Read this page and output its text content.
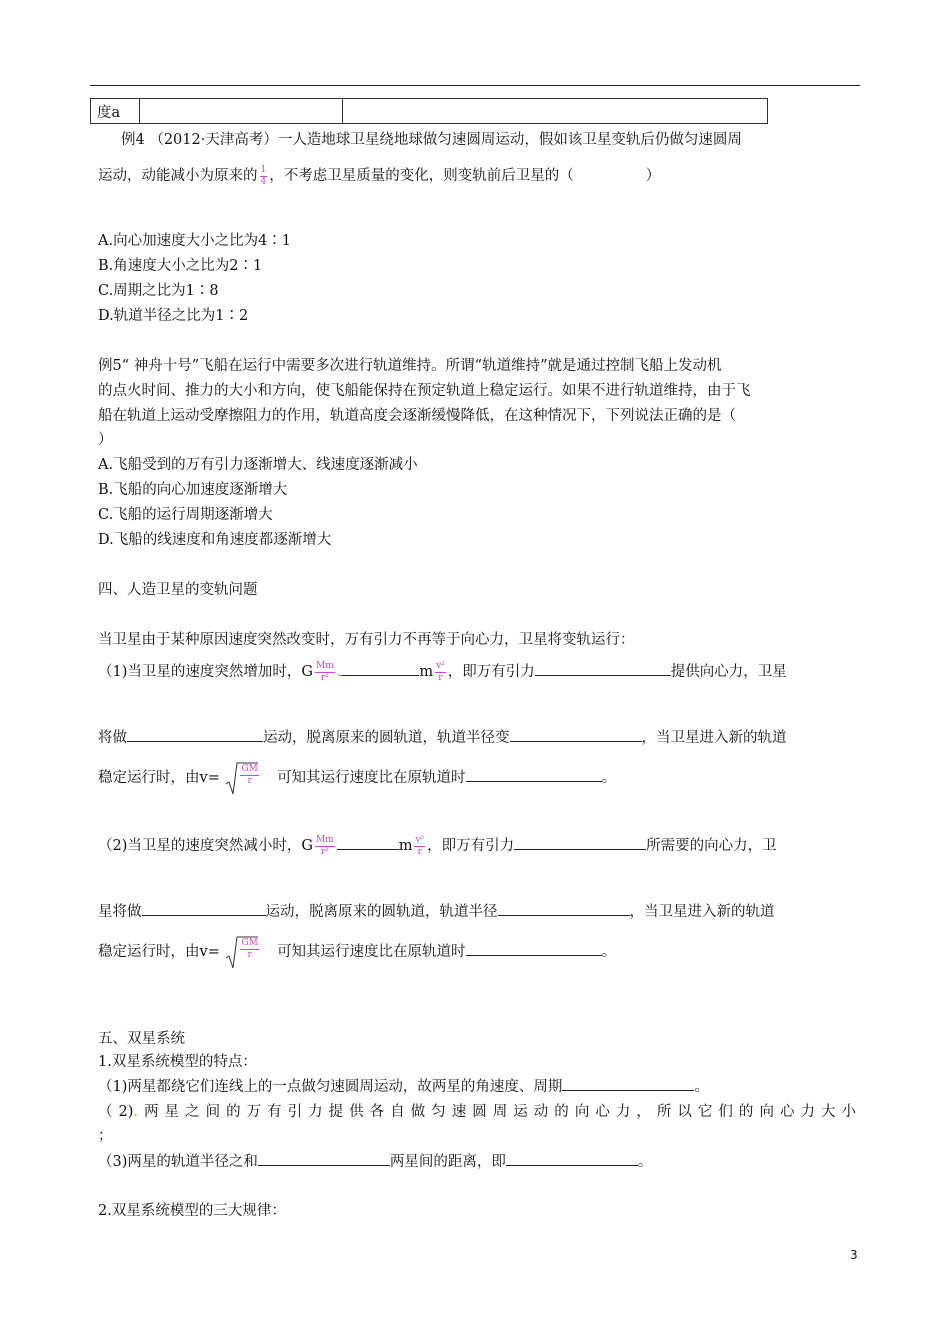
度a		
例4 （2012·天津高考）一人造地球卫星绕地球做匀速圆周运动，假如该卫星变轨后仍做匀速圆周
运动，动能减小为原来的 $\frac{1}{4}$ ，不考虑卫星质量的变化，则变轨前后卫星的（	）
A.向心加速度大小之比为4∶1
B.角速度大小之比为2∶1
C.周期之比为1∶8
D.轨道半径之比为1∶2
例5“ 神舟十号”飞船在运行中需要多次进行轨道维持。所谓“轨道维持”就是通过控制飞船上发动机
的点火时间、推力的大小和方向，使飞船能保持在预定轨道上稳定运行。如果不进行轨道维持，由于飞
船在轨道上运动受摩擦阻力的作用，轨道高度会逐渐缓慢降低，在这种情况下，下列说法正确的是（
）
A.飞船受到的万有引力逐渐增大、线速度逐渐减小
B.飞船的向心加速度逐渐增大
C.飞船的运行周期逐渐增大
D.飞船的线速度和角速度都逐渐增大
四、人造卫星的变轨问题
当卫星由于某种原因速度突然改变时，万有引力不再等于向心力，卫星将变轨运行：
（1)当卫星的速度突然增加时，G $\frac{Mm}{\text{r²}}$ .	m $\frac{\text{v²}}{r}$ ，即万有引力	提供向心力，卫星
将做	运动，脱离原来的圆轨道，轨道半径变	，当卫星进入新的轨道
稳定运行时，由$v= \frac{GM}{r}$ 可知其运行速度比在原轨道时	。
（2)当卫星的速度突然减小时，G $\frac{Mm}{\text{r²}}$	m $\frac{\text{v²}}{r}$ ，即万有引力	所需要的向心力，卫
星将做	运动，脱离原来的圆轨道，轨道半径	，当卫星进入新的轨道
稳定运行时，由$v= \frac{GM}{r}$ 可知其运行速度比在原轨道时	。
五、双星系统
1.双星系统模型的特点：
（1)两星都绕它们连线上的一点做匀速圆周运动，故两星的角速度、周期	。
（2).两星之间的万有引力提供各自做匀速圆周运动的向心力，所以它们的向心力大小
；
（3)两星的轨道半径之和	两星间的距离，即	。
2.双星系统模型的三大规律：
3
